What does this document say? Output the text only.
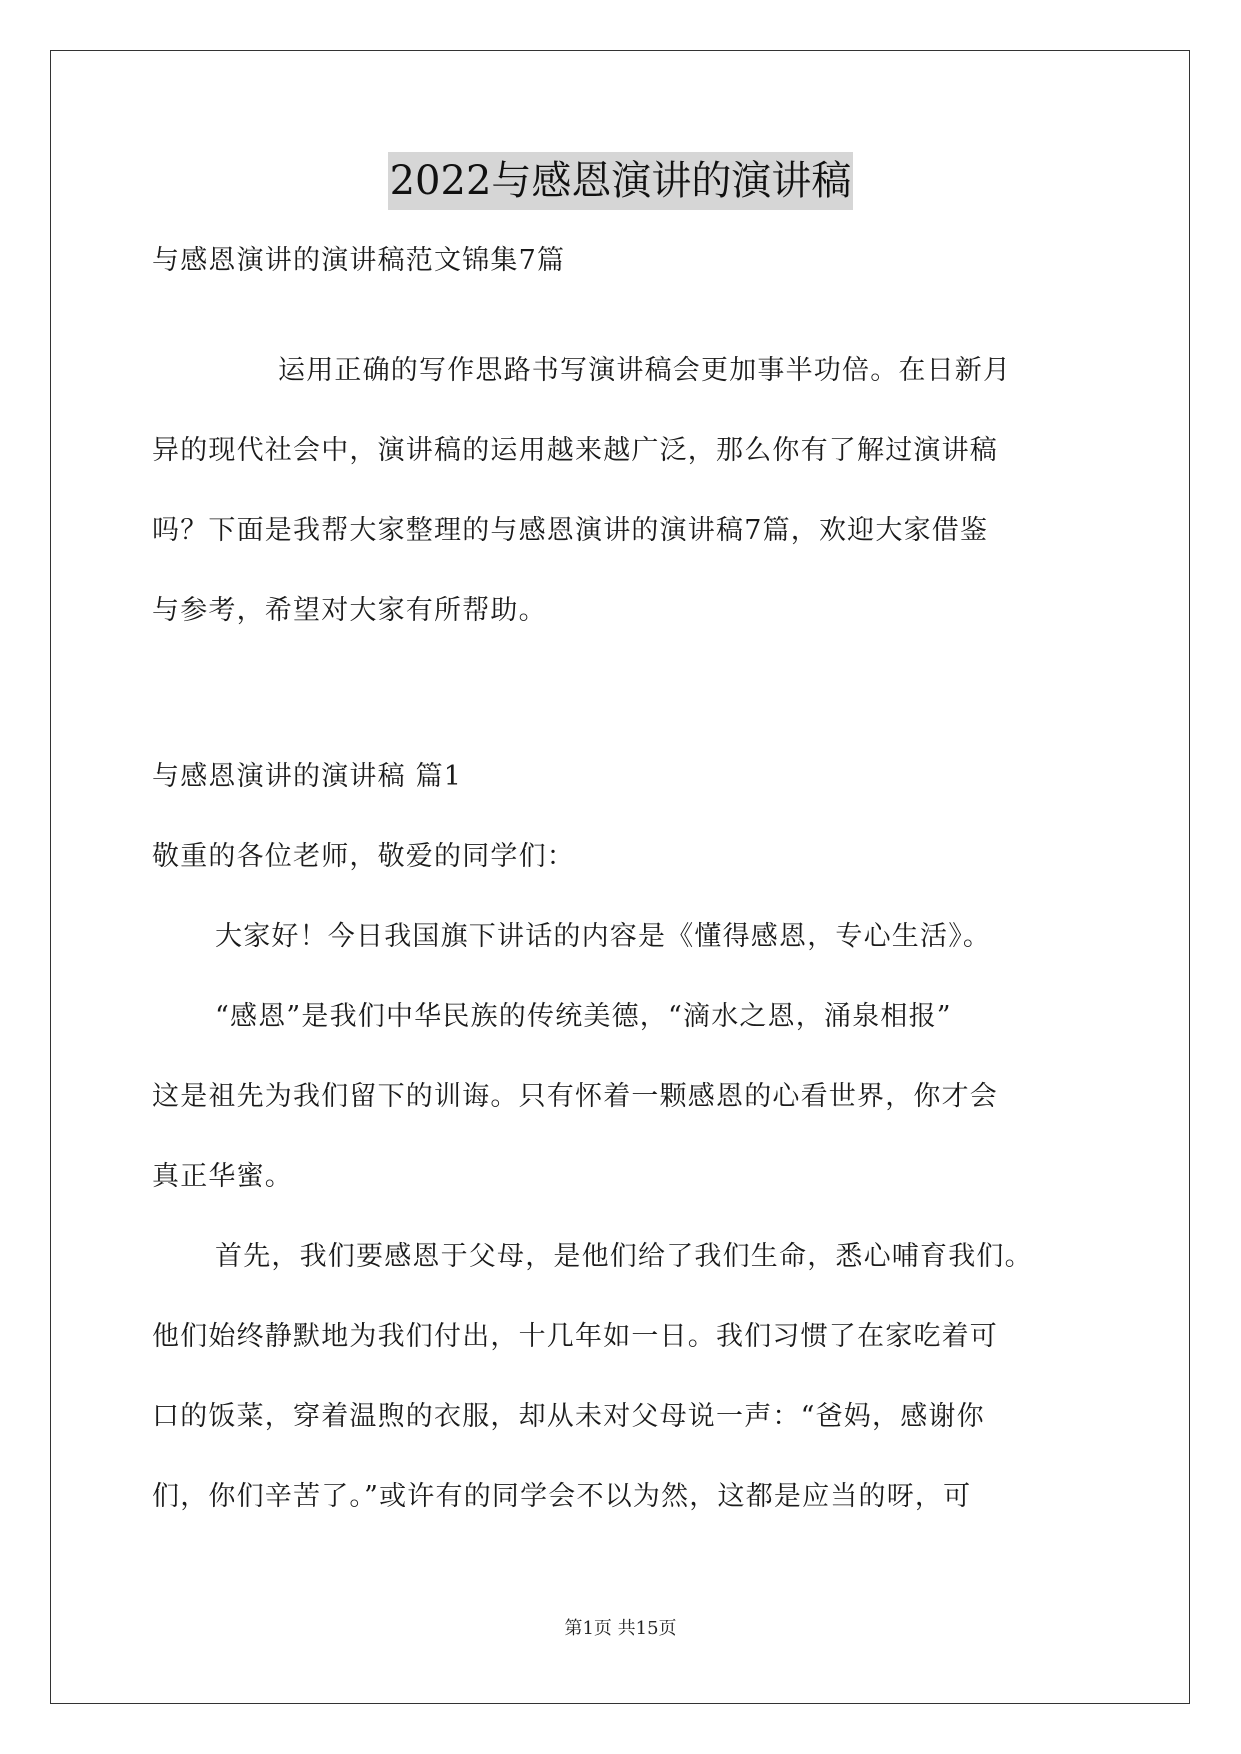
2022与感恩演讲的演讲稿
与感恩演讲的演讲稿范文锦集7篇
运用正确的写作思路书写演讲稿会更加事半功倍。在日新月
异的现代社会中，演讲稿的运用越来越广泛，那么你有了解过演讲稿
吗？下面是我帮大家整理的与感恩演讲的演讲稿7篇，欢迎大家借鉴
与参考，希望对大家有所帮助。
与感恩演讲的演讲稿 篇1
敬重的各位老师，敬爱的同学们：
大家好！今日我国旗下讲话的内容是《懂得感恩，专心生活》。
“感恩”是我们中华民族的传统美德，“滴水之恩，涌泉相报”
这是祖先为我们留下的训诲。只有怀着一颗感恩的心看世界，你才会
真正华蜜。
首先，我们要感恩于父母，是他们给了我们生命，悉心哺育我们。
他们始终静默地为我们付出，十几年如一日。我们习惯了在家吃着可
口的饭菜，穿着温煦的衣服，却从未对父母说一声：“爸妈，感谢你
们，你们辛苦了。”或许有的同学会不以为然，这都是应当的呀，可
第1页 共15页
